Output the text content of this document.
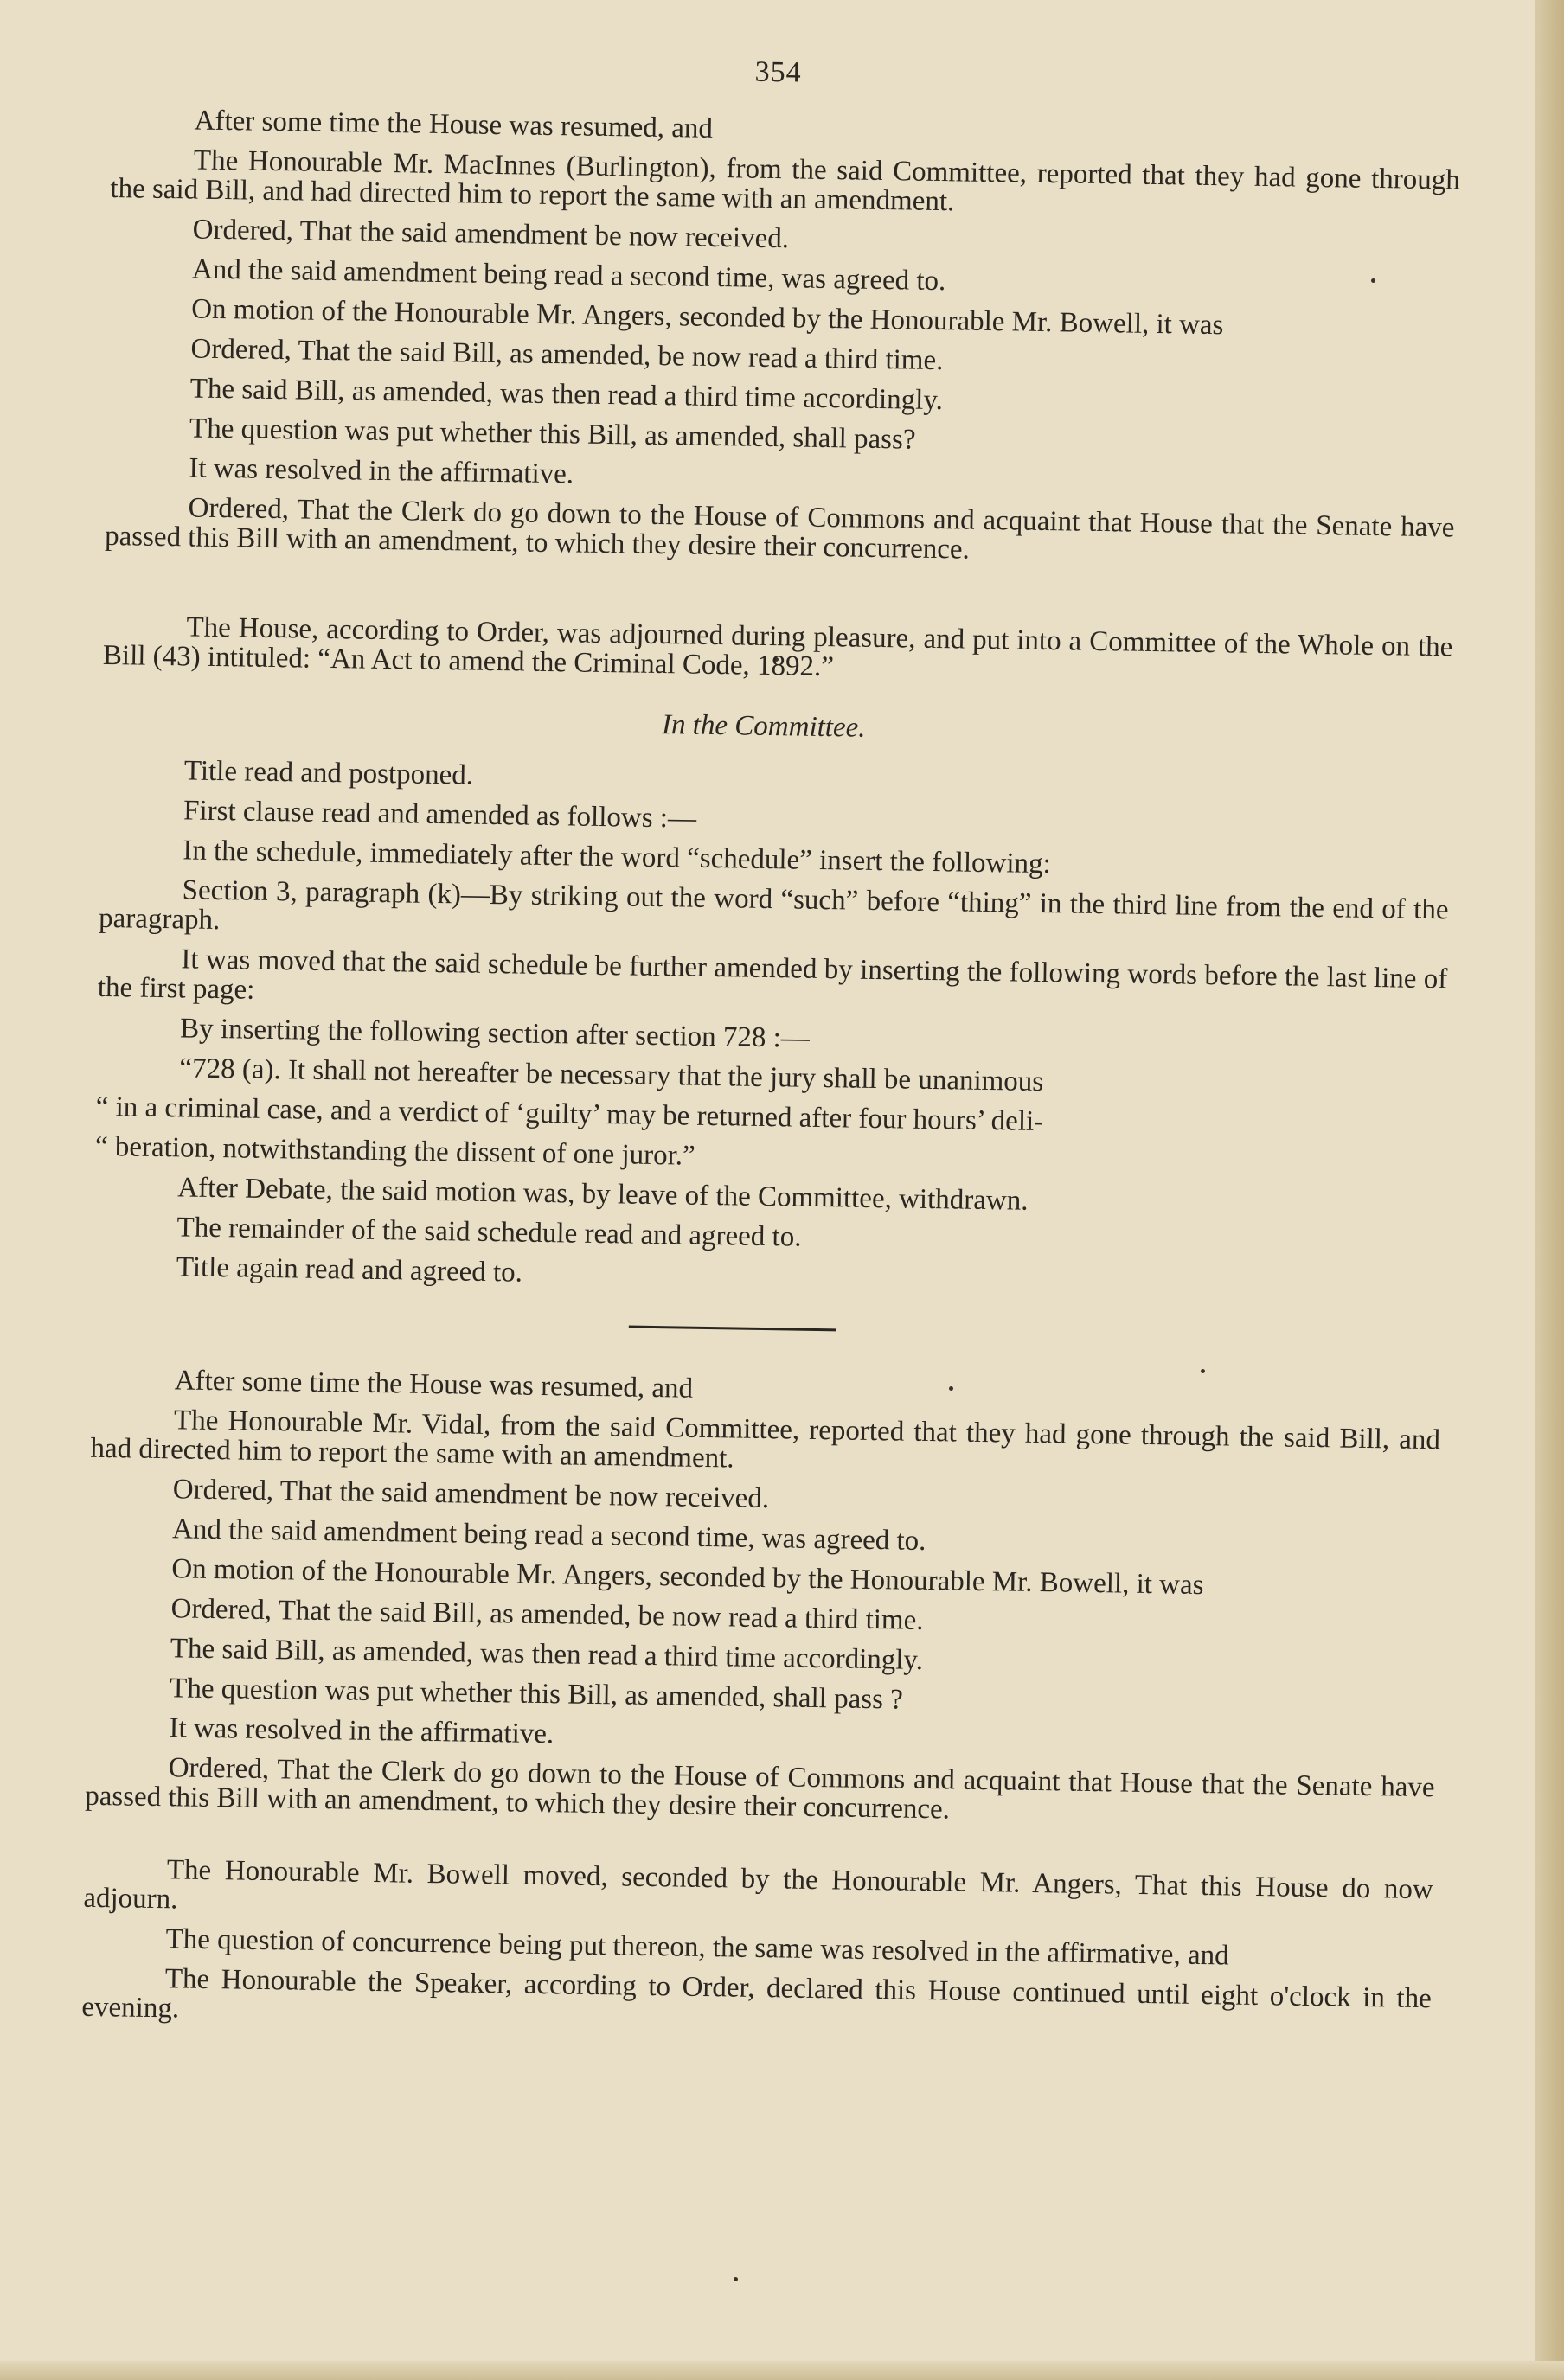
354

After some time the House was resumed, and

The Honourable Mr. MacInnes (Burlington), from the said Committee, reported that they had gone through the said Bill, and had directed him to report the same with an amendment.

Ordered, That the said amendment be now received.

And the said amendment being read a second time, was agreed to.

On motion of the Honourable Mr. Angers, seconded by the Honourable Mr. Bowell, it was

Ordered, That the said Bill, as amended, be now read a third time.

The said Bill, as amended, was then read a third time accordingly.

The question was put whether this Bill, as amended, shall pass?

It was resolved in the affirmative.

Ordered, That the Clerk do go down to the House of Commons and acquaint that House that the Senate have passed this Bill with an amendment, to which they desire their concurrence.

The House, according to Order, was adjourned during pleasure, and put into a Committee of the Whole on the Bill (43) intituled: “An Act to amend the Criminal Code, 1892.”

In the Committee.

Title read and postponed.

First clause read and amended as follows :—

In the schedule, immediately after the word “schedule” insert the following:

Section 3, paragraph (k)—By striking out the word “such” before “thing” in the third line from the end of the paragraph.

It was moved that the said schedule be further amended by inserting the following words before the last line of the first page:

By inserting the following section after section 728 :—

“728 (a). It shall not hereafter be necessary that the jury shall be unanimous

“ in a criminal case, and a verdict of ‘guilty’ may be returned after four hours’ deli-

“ beration, notwithstanding the dissent of one juror.”

After Debate, the said motion was, by leave of the Committee, withdrawn.

The remainder of the said schedule read and agreed to.

Title again read and agreed to.

After some time the House was resumed, and

The Honourable Mr. Vidal, from the said Committee, reported that they had gone through the said Bill, and had directed him to report the same with an amendment.

Ordered, That the said amendment be now received.

And the said amendment being read a second time, was agreed to.

On motion of the Honourable Mr. Angers, seconded by the Honourable Mr. Bowell, it was

Ordered, That the said Bill, as amended, be now read a third time.

The said Bill, as amended, was then read a third time accordingly.

The question was put whether this Bill, as amended, shall pass ?

It was resolved in the affirmative.

Ordered, That the Clerk do go down to the House of Commons and acquaint that House that the Senate have passed this Bill with an amendment, to which they desire their concurrence.

The Honourable Mr. Bowell moved, seconded by the Honourable Mr. Angers, That this House do now adjourn.

The question of concurrence being put thereon, the same was resolved in the affirmative, and

The Honourable the Speaker, according to Order, declared this House continued until eight o'clock in the evening.
